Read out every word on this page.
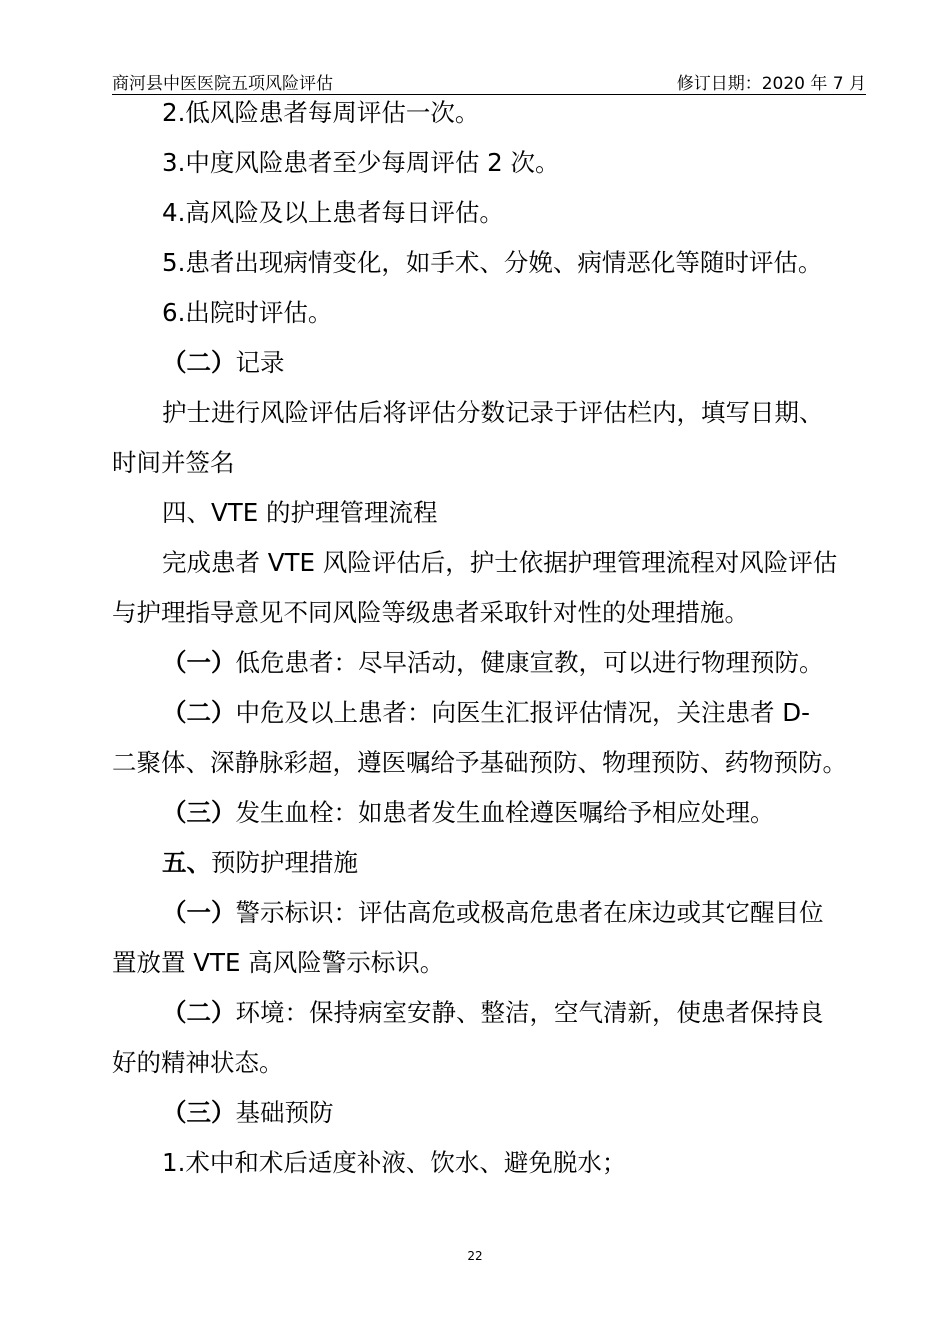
商河县中医医院五项风险评估	修订日期：2020 年 7 月
2.低风险患者每周评估一次。
3.中度风险患者至少每周评估 2 次。
4.高风险及以上患者每日评估。
5.患者出现病情变化，如手术、分娩、病情恶化等随时评估。
6.出院时评估。
（二）记录
护士进行风险评估后将评估分数记录于评估栏内，填写日期、
时间并签名
四、VTE 的护理管理流程
完成患者 VTE 风险评估后，护士依据护理管理流程对风险评估
与护理指导意见不同风险等级患者采取针对性的处理措施。
（一）低危患者：尽早活动，健康宣教，可以进行物理预防。
（二）中危及以上患者：向医生汇报评估情况，关注患者 D-
二聚体、深静脉彩超，遵医嘱给予基础预防、物理预防、药物预防。
（三）发生血栓：如患者发生血栓遵医嘱给予相应处理。
五、预防护理措施
（一）警示标识：评估高危或极高危患者在床边或其它醒目位
置放置 VTE 高风险警示标识。
（二）环境：保持病室安静、整洁，空气清新，使患者保持良
好的精神状态。
（三）基础预防
1.术中和术后适度补液、饮水、避免脱水；
22
